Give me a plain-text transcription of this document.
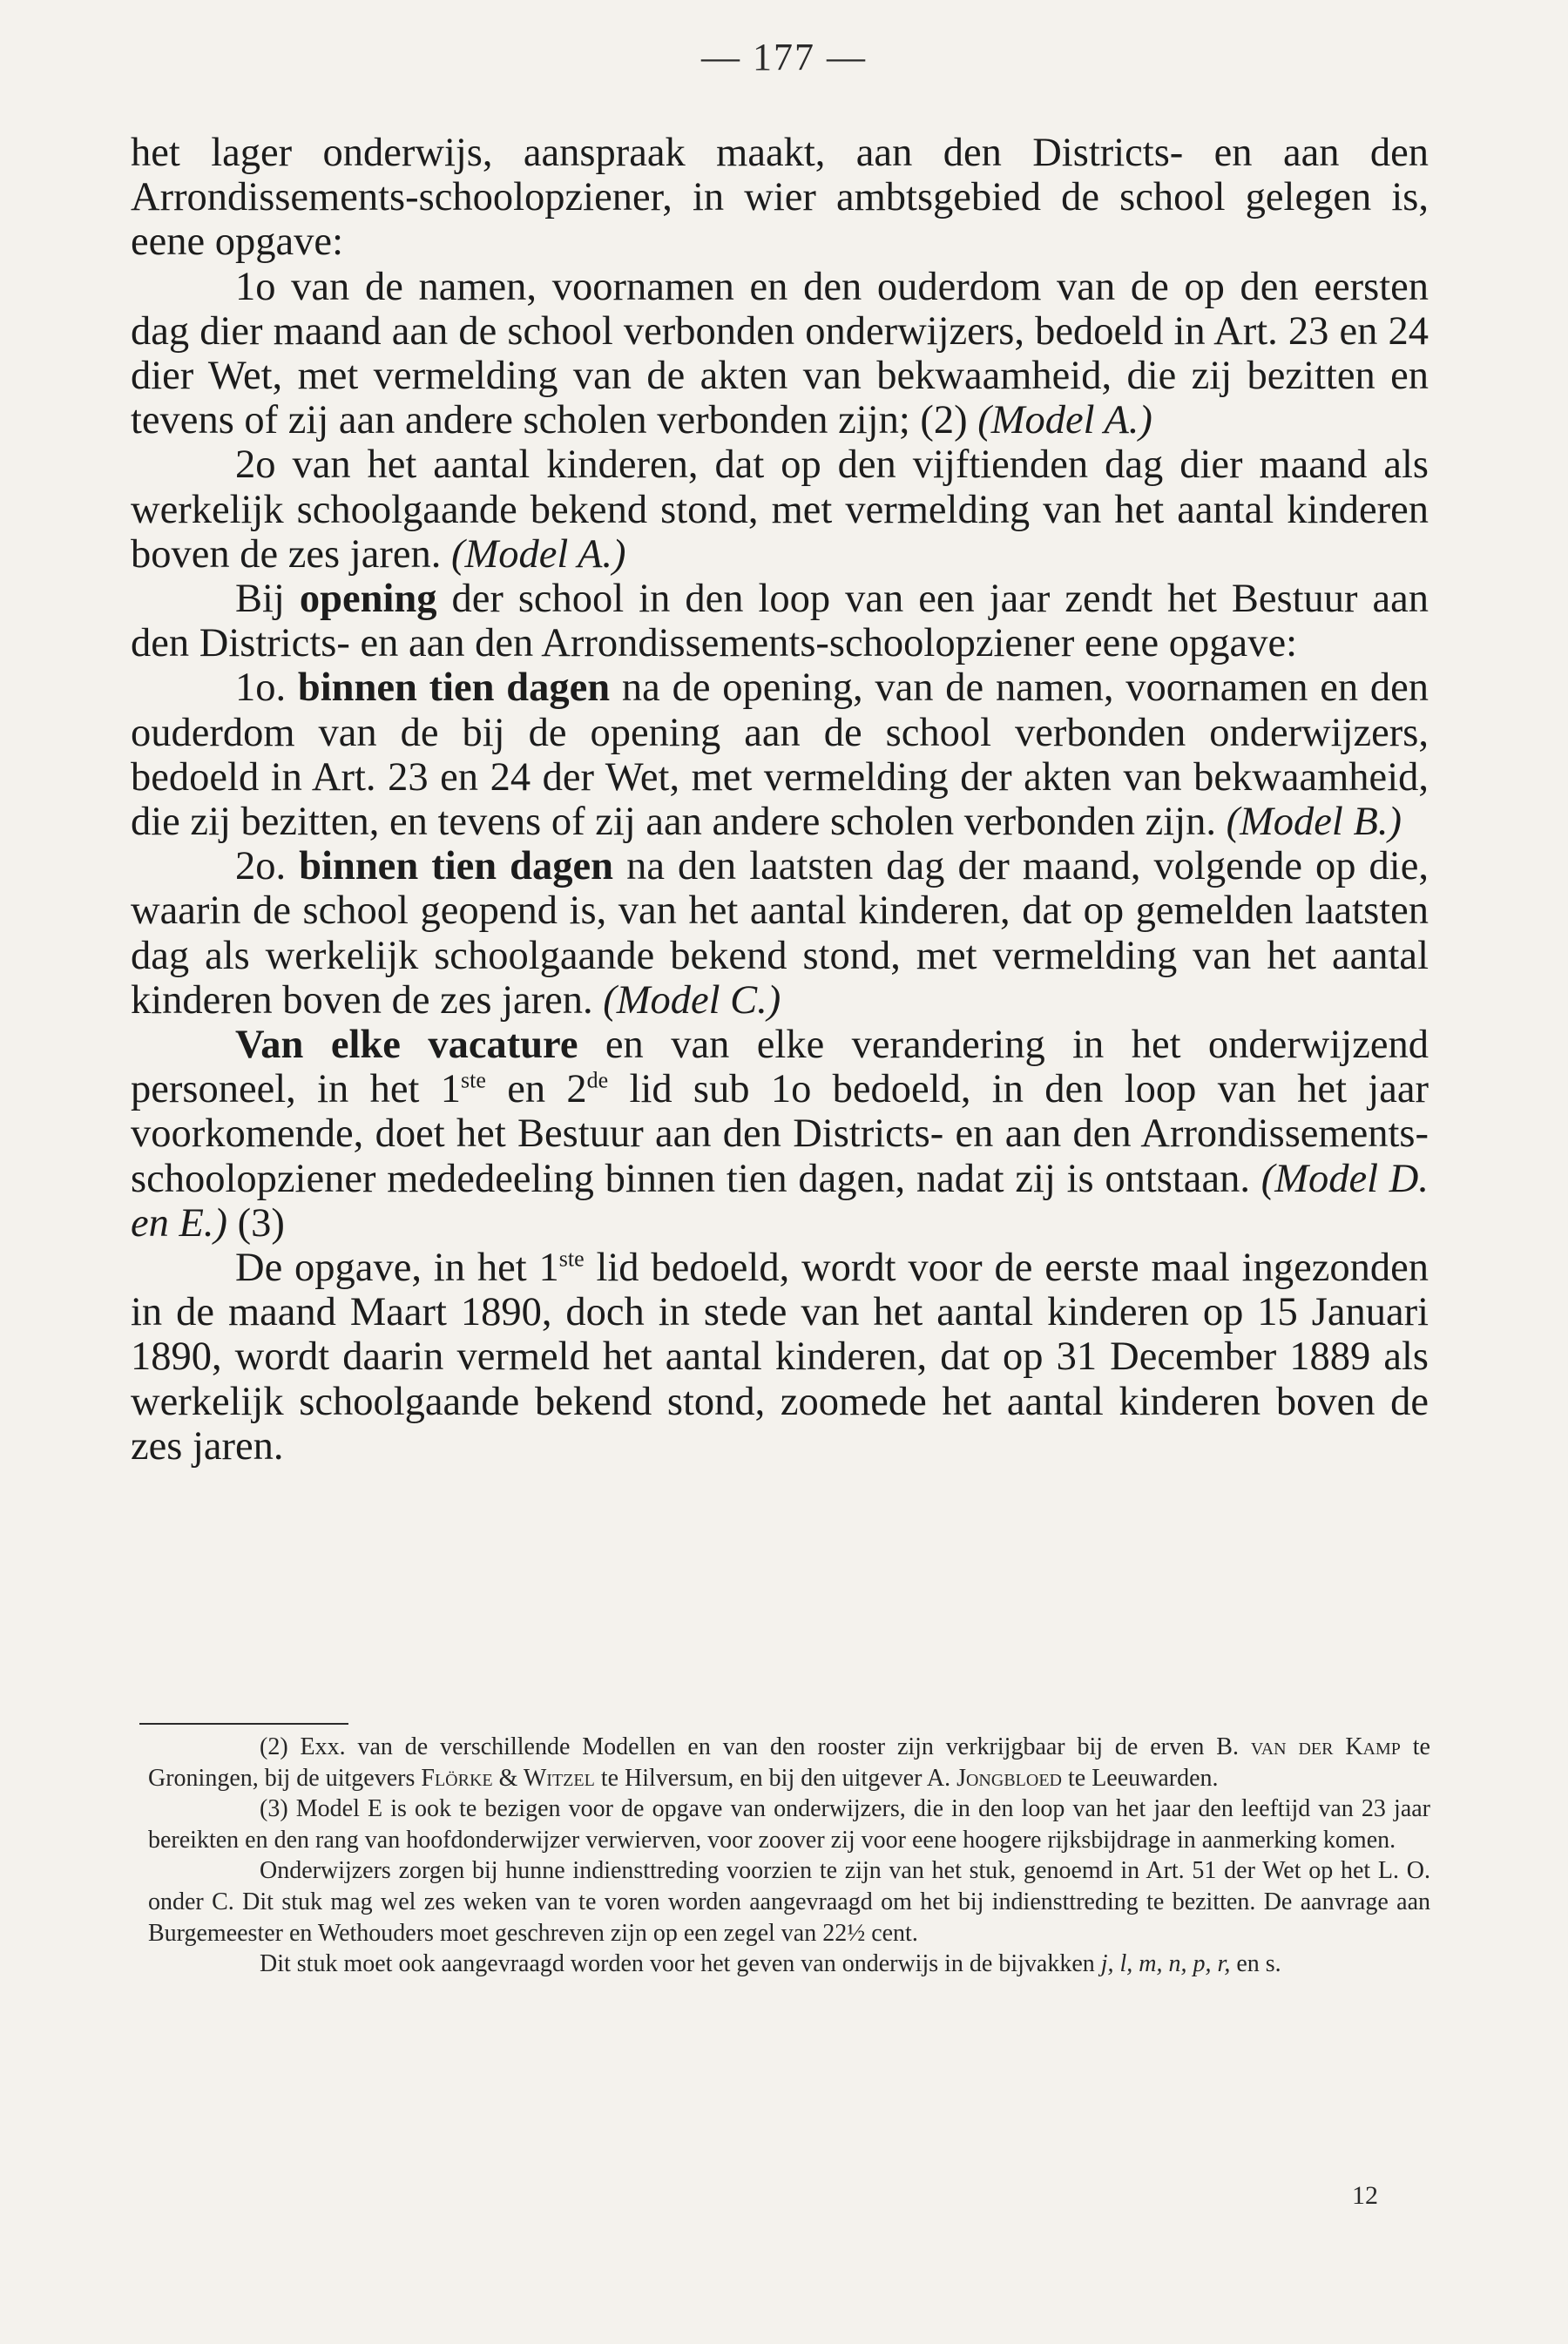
— 177 —

het lager onderwijs, aanspraak maakt, aan den Districts- en aan den Arrondissements-schoolopziener, in wier ambtsgebied de school gelegen is, eene opgave:

1o van de namen, voornamen en den ouderdom van de op den eersten dag dier maand aan de school verbonden onderwijzers, bedoeld in Art. 23 en 24 dier Wet, met vermelding van de akten van bekwaamheid, die zij bezitten en tevens of zij aan andere scholen verbonden zijn; (2) (Model A.)

2o van het aantal kinderen, dat op den vijftienden dag dier maand als werkelijk schoolgaande bekend stond, met vermelding van het aantal kinderen boven de zes jaren. (Model A.)

Bij opening der school in den loop van een jaar zendt het Bestuur aan den Districts- en aan den Arrondissements-schoolopziener eene opgave:

1o. binnen tien dagen na de opening, van de namen, voornamen en den ouderdom van de bij de opening aan de school verbonden onderwijzers, bedoeld in Art. 23 en 24 der Wet, met vermelding der akten van bekwaamheid, die zij bezitten, en tevens of zij aan andere scholen verbonden zijn. (Model B.)

2o. binnen tien dagen na den laatsten dag der maand, volgende op die, waarin de school geopend is, van het aantal kinderen, dat op gemelden laatsten dag als werkelijk schoolgaande bekend stond, met vermelding van het aantal kinderen boven de zes jaren. (Model C.)

Van elke vacature en van elke verandering in het onderwijzend personeel, in het 1ste en 2de lid sub 1o bedoeld, in den loop van het jaar voorkomende, doet het Bestuur aan den Districts- en aan den Arrondissements-schoolopziener mededeeling binnen tien dagen, nadat zij is ontstaan. (Model D. en E.) (3)

De opgave, in het 1ste lid bedoeld, wordt voor de eerste maal ingezonden in de maand Maart 1890, doch in stede van het aantal kinderen op 15 Januari 1890, wordt daarin vermeld het aantal kinderen, dat op 31 December 1889 als werkelijk schoolgaande bekend stond, zoomede het aantal kinderen boven de zes jaren.

(2) Exx. van de verschillende Modellen en van den rooster zijn verkrijgbaar bij de erven B. van der Kamp te Groningen, bij de uitgevers Flörke & Witzel te Hilversum, en bij den uitgever A. Jongbloed te Leeuwarden.

(3) Model E is ook te bezigen voor de opgave van onderwijzers, die in den loop van het jaar den leeftijd van 23 jaar bereikten en den rang van hoofdonderwijzer verwierven, voor zoover zij voor eene hoogere rijksbijdrage in aanmerking komen.

Onderwijzers zorgen bij hunne indiensttreding voorzien te zijn van het stuk, genoemd in Art. 51 der Wet op het L. O. onder C. Dit stuk mag wel zes weken van te voren worden aangevraagd om het bij indiensttreding te bezitten. De aanvrage aan Burgemeester en Wethouders moet geschreven zijn op een zegel van 22½ cent.

Dit stuk moet ook aangevraagd worden voor het geven van onderwijs in de bijvakken j, l, m, n, p, r, en s.

12
